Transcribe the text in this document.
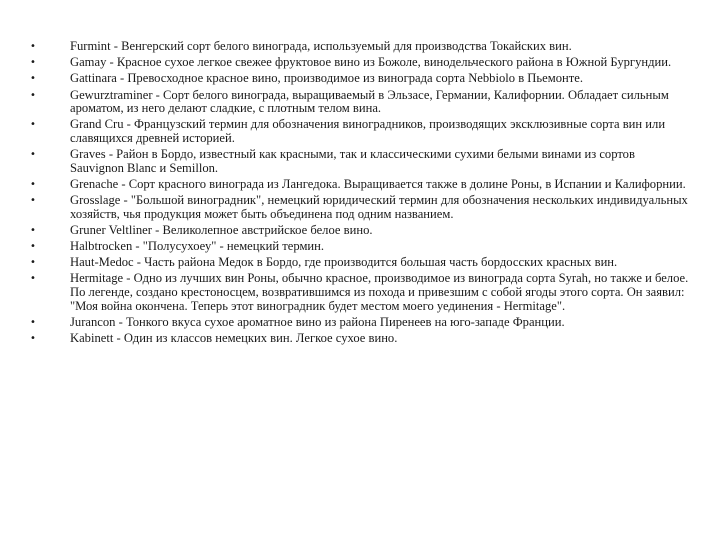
•	Furmint - Венгерский сорт белого винограда, используемый для производства Токайских вин.
•	Gamay - Красное сухое легкое свежее фруктовое вино из Божоле, винодельческого района в Южной Бургундии.
•	Gattinara - Превосходное красное вино, производимое из винограда сорта Nebbiolo в Пьемонте.
•	Gewurztraminer - Сорт белого винограда, выращиваемый в Эльзасе, Германии, Калифорнии. Обладает сильным ароматом, из него делают сладкие, с плотным телом вина.
•	Grand Cru - Французский термин для обозначения виноградников, производящих эксклюзивные сорта вин или славящихся древней историей.
•	Graves - Район в Бордо, известный как красными, так и классическими сухими белыми винами из сортов Sauvignon Blanc и Semillon.
•	Grenache - Сорт красного винограда из Лангедока. Выращивается также в долине Роны, в Испании и Калифорнии.
•	Grosslage - "Большой виноградник", немецкий юридический термин для обозначения нескольких индивидуальных хозяйств, чья продукция может быть объединена под одним названием.
•	Gruner Veltliner - Великолепное австрийское белое вино.
•	Halbtrocken - "Полусухоеу" - немецкий термин.
•	Haut-Medoc - Часть района Медок в Бордо, где производится большая часть бордосских красных вин.
•	Hermitage - Одно из лучших вин Роны, обычно красное, производимое из винограда сорта Syrah, но также и белое. По легенде, создано крестоносцем, возвратившимся из похода и привезшим с собой ягоды этого сорта. Он заявил: "Моя война окончена. Теперь этот виноградник будет местом моего уединения - Hermitage".
•	Jurancon - Тонкого вкуса сухое ароматное вино из района Пиренеев на юго-западе Франции.
•	Kabinett - Один из классов немецких вин. Легкое сухое вино.
